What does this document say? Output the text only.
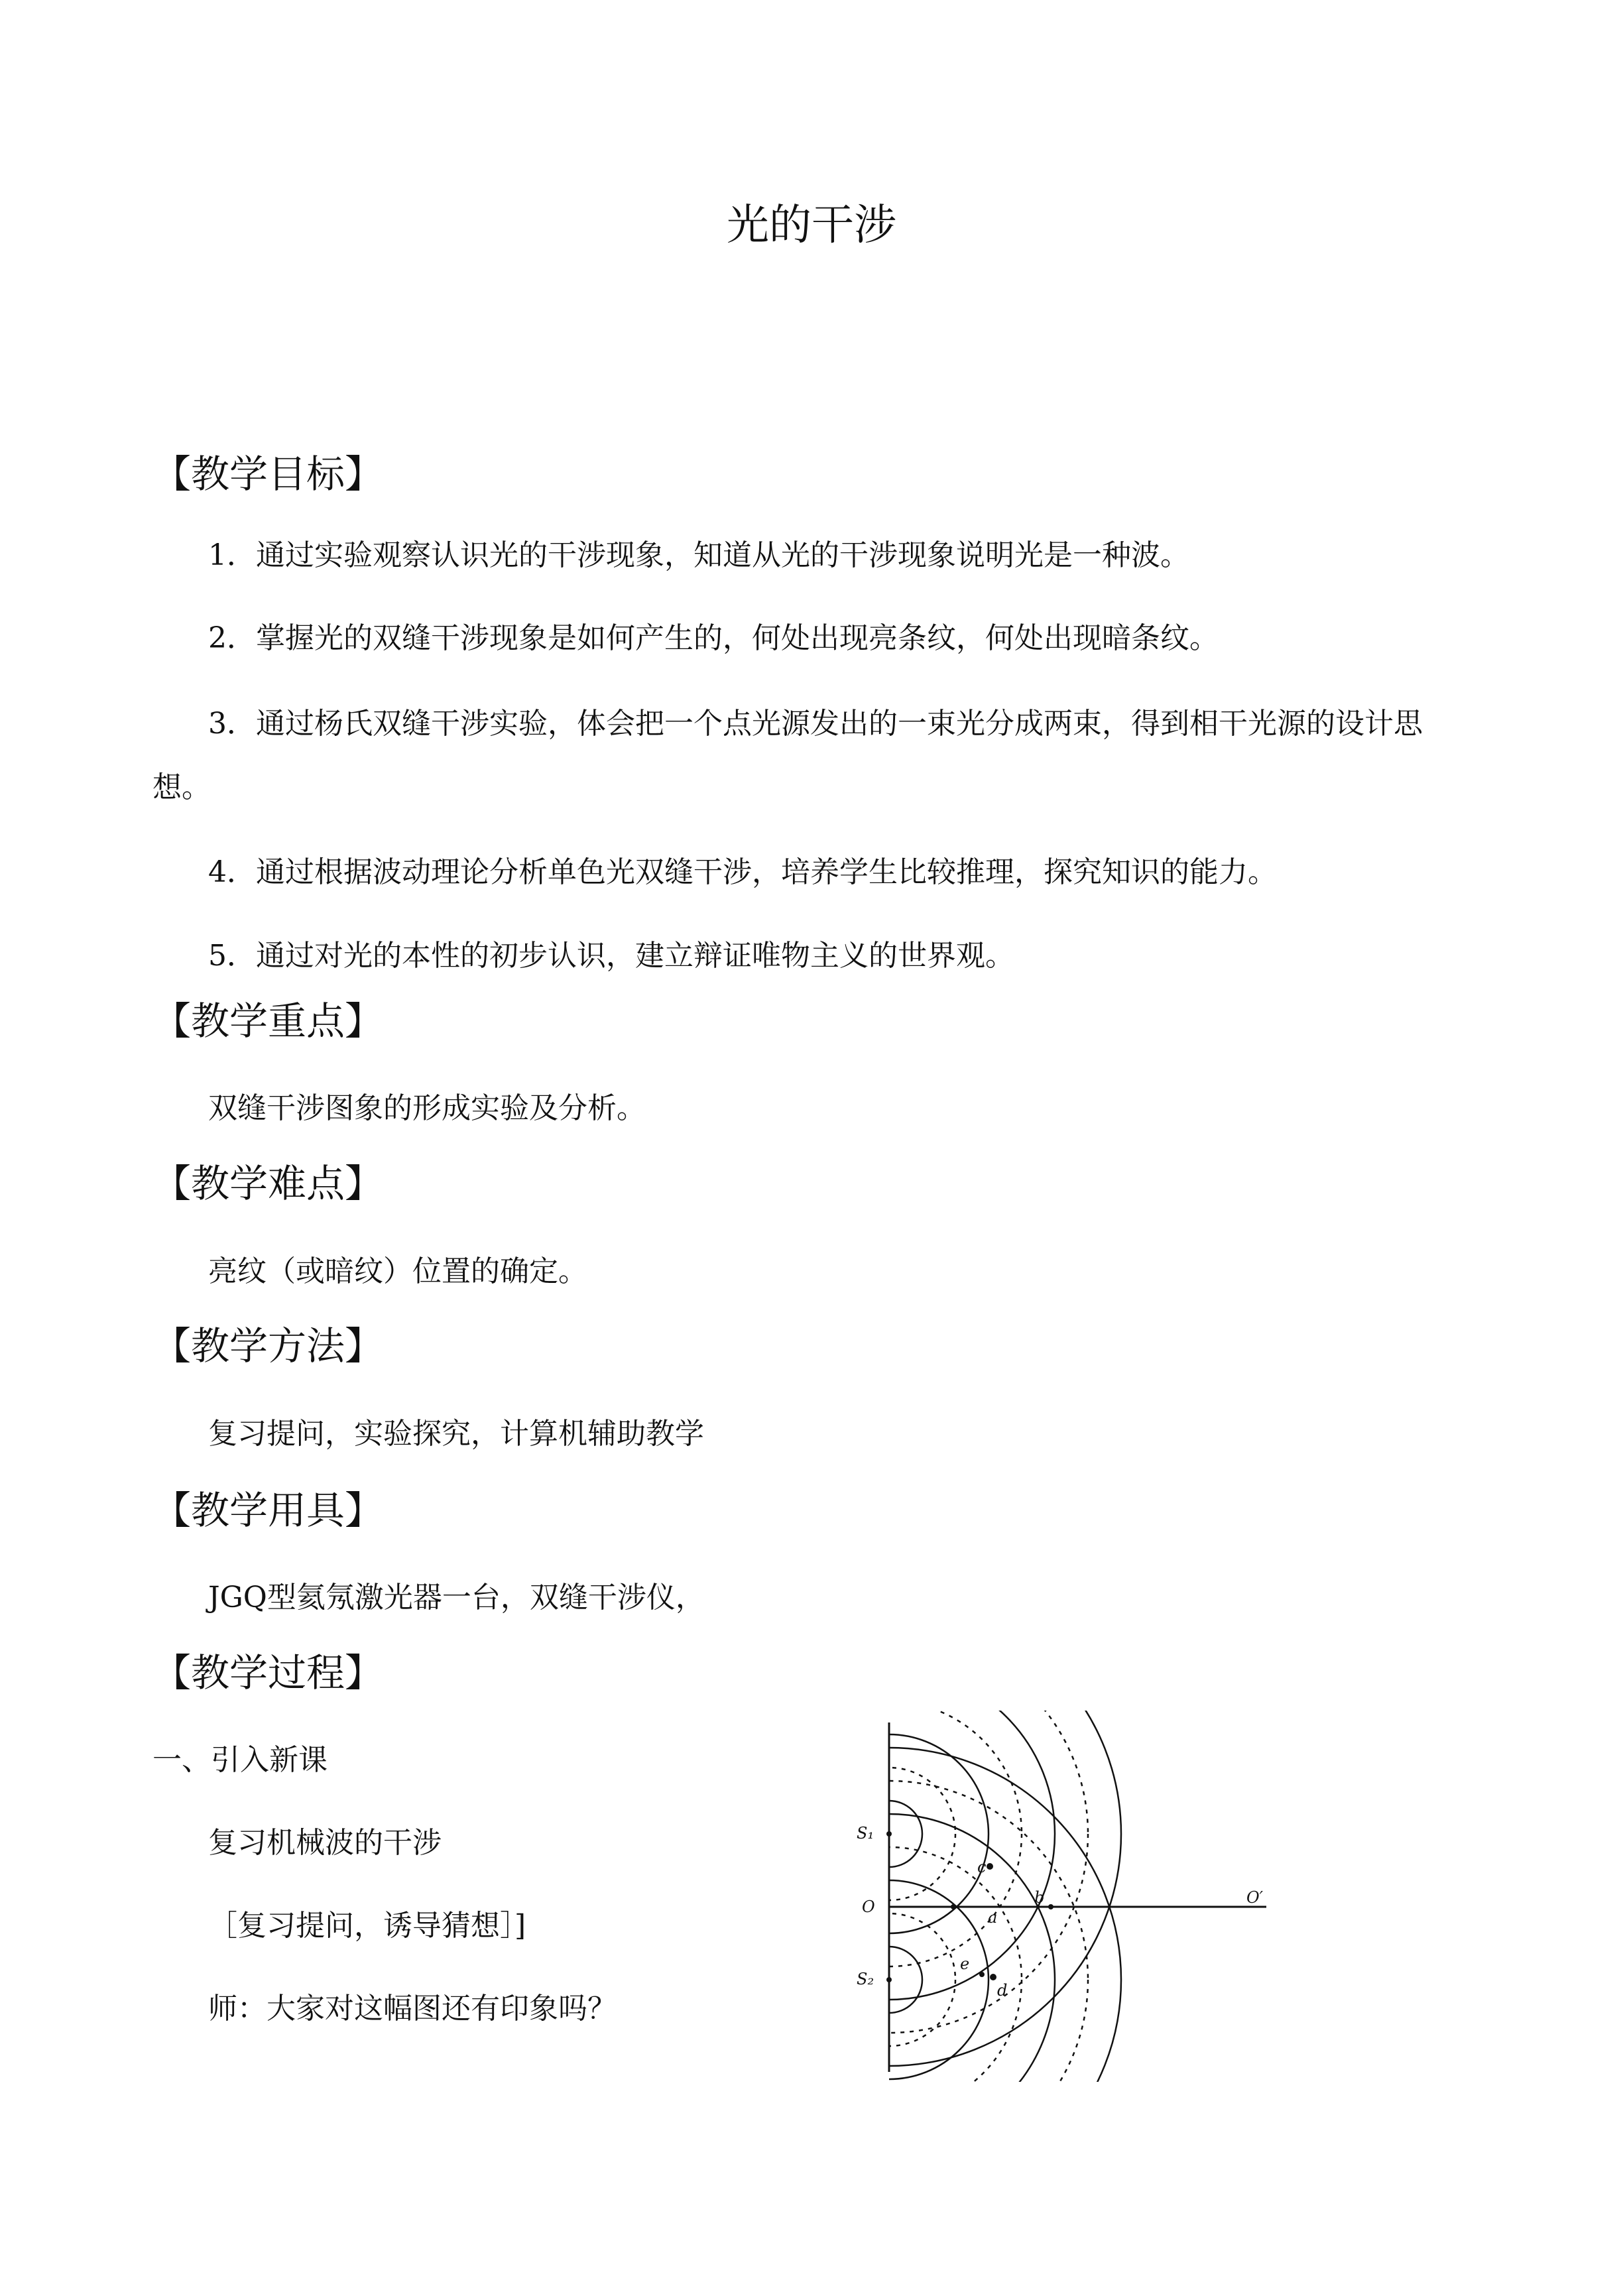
光的干涉
【教学目标】
1．通过实验观察认识光的干涉现象，知道从光的干涉现象说明光是一种波。
2．掌握光的双缝干涉现象是如何产生的，何处出现亮条纹，何处出现暗条纹。
3．通过杨氏双缝干涉实验，体会把一个点光源发出的一束光分成两束，得到相干光源的设计思想。
4．通过根据波动理论分析单色光双缝干涉，培养学生比较推理，探究知识的能力。
5．通过对光的本性的初步认识，建立辩证唯物主义的世界观。
【教学重点】
双缝干涉图象的形成实验及分析。
【教学难点】
亮纹（或暗纹）位置的确定。
【教学方法】
复习提问，实验探究，计算机辅助教学
【教学用具】
JGQ型氦氖激光器一台，双缝干涉仪，
【教学过程】
一、引入新课
复习机械波的干涉
［复习提问，诱导猜想］]
师：大家对这幅图还有印象吗？
S₁
S₂
O	O′
c
a
b
e
d
